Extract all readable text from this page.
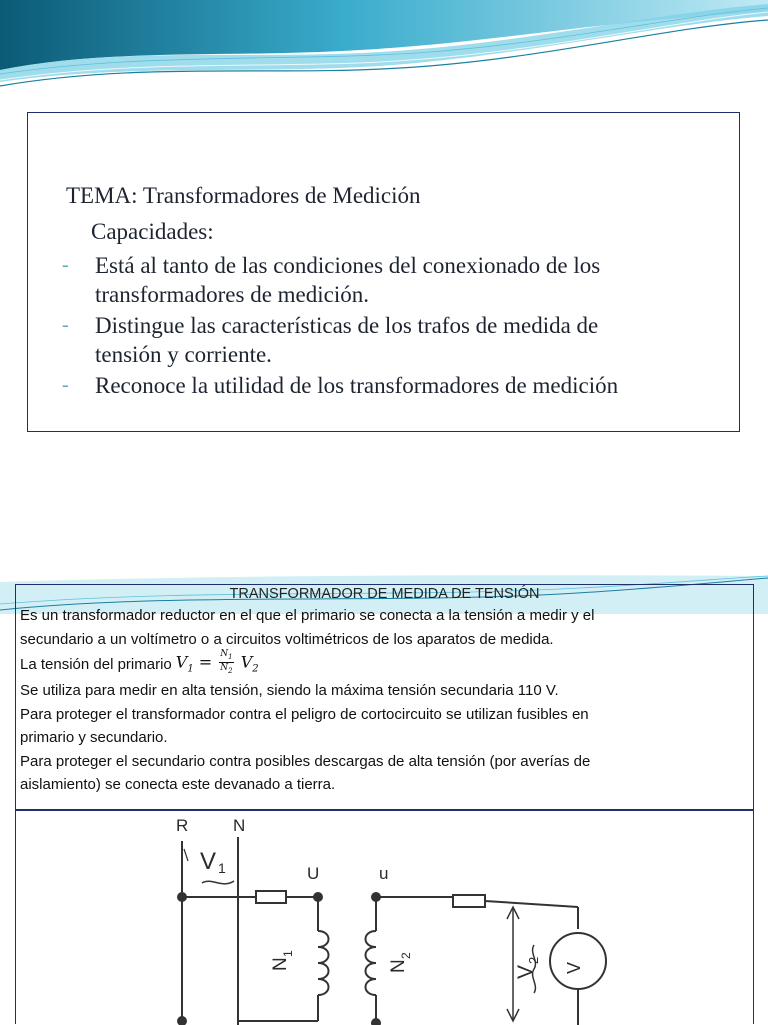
TEMA: Transformadores de Medición
Capacidades:
- Está al tanto de las condiciones del conexionado de los
transformadores de medición.
- Distingue las características de los trafos de medida de
tensión y corriente.
- Reconoce la utilidad de los transformadores de medición
TRANSFORMADOR DE MEDIDA DE TENSIÓN
Es un transformador reductor en el que el primario se conecta a la tensión a medir y el
secundario a un voltímetro o a circuitos voltimétricos de los aparatos de medida.
La tensión del primario $V_1 = \frac{N_1}{N_2} V_2$
Se utiliza para medir en alta tensión, siendo la máxima tensión secundaria 110 V.
Para proteger el transformador contra el peligro de cortocircuito se utilizan fusibles en
primario y secundario.
Para proteger el secundario contra posibles descargas de alta tensión (por averías de
aislamiento) se conecta este devanado a tierra.
R	N
V 1	U	u
N
1
N
2
V
2
V
